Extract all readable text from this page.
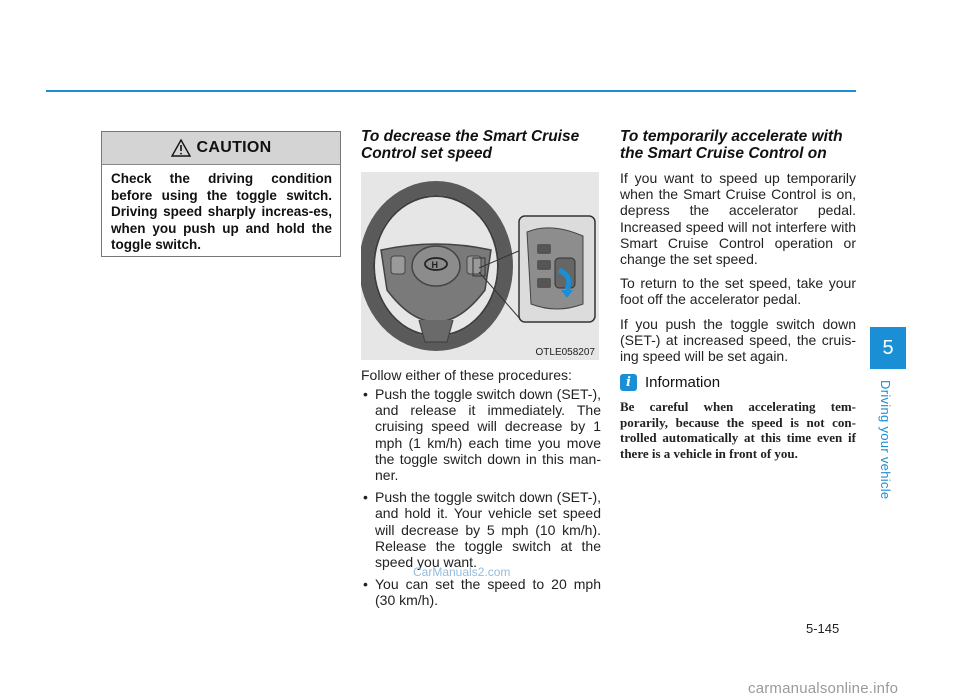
CAUTION
Check the driving condition before using the toggle switch. Driving speed sharply increas-es, when you push up and hold the toggle switch.

To decrease the Smart Cruise

Control set speed

H
OTLE058207
Follow either of these procedures:
• Push the toggle switch down (SET-), and release it immediately. The cruising speed will decrease by 1 mph (1 km/h) each time you move the toggle switch down in this man-ner.
• Push the toggle switch down (SET-), and hold it. Your vehicle set speed will decrease by 5 mph (10 km/h). Release the toggle switch at the speed you want.
• You can set the speed to 20 mph (30 km/h).

To temporarily accelerate with

the Smart Cruise Control on

If you want to speed up temporarily when the Smart Cruise Control is on, depress the accelerator pedal. Increased speed will not interfere with Smart Cruise Control operation or change the set speed.

To return to the set speed, take your foot off the accelerator pedal.

If you push the toggle switch down (SET-) at increased speed, the cruis-ing speed will be set again.

i Information
Be careful when accelerating tem-porarily, because the speed is not con-trolled automatically at this time even if there is a vehicle in front of you.
5
Driving your vehicle
5-145
CarManuals2.com
carmanualsonline.info
